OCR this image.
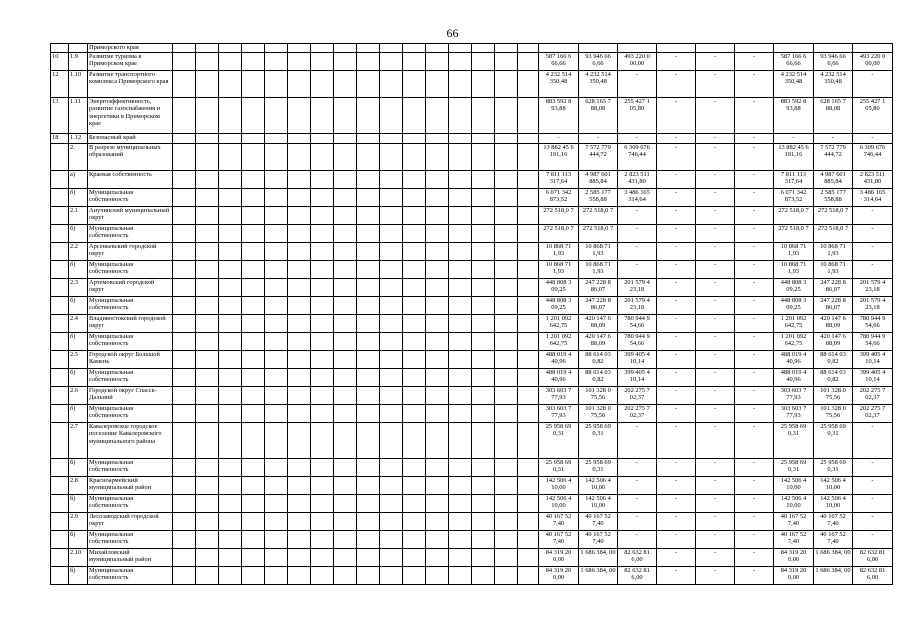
66
		Приморского края																									
10	1.9	Развитие туризма в Приморском крае																	587 166 6 66,66	93 946 66 6,66	493 220 0 00,00	-	-	-	587 166 6 66,66	93 946 66 6,66	493 220 0 00,00
12	1.10	Развитие транспортного комплекса Приморского края																	4 232 514 350,48	4 232 514 350,48	-	-	-	-	4 232 514 350,48	4 232 514 350,48	-
13	1.11	Энергоэффективность, развитие газоснабжения и энергетики в Приморском крае																	883 592 8 93,88	628 165 7 88,08	255 427 1 05,80	-	-	-	883 592 8 93,88	628 165 7 88,08	255 427 1 05,80
18	1.12	Безопасный край																	-	-	-	-	-	-	-	-	-
	2.	В разрезе муниципальных образований																	13 882 45 6 191,16	7 572 779 444,72	6 309 676 746,44	-	-	-	13 882 45 6 191,16	7 572 779 444,72	6 309 676 746,44
	а)	Краевая собственность																	7 811 113 317,64	4 987 601 885,84	2 823 511 431,80	-	-	-	7 811 113 317,64	4 987 601 885,84	2 823 511 431,80
	б)	Муниципальная собственность																	6 071 342 873,52	2 585 177 558,88	3 486 165 314,64	-	-	-	6 071 342 873,52	2 585 177 558,88	3 486 165 314,64
	2.1	Анучинский муниципальный округ																	272 518,0 7	272 518,0 7	-	-	-	-	272 518,0 7	272 518,0 7	-
	б)	Муниципальная собственность																	272 518,0 7	272 518,0 7	-	-	-	-	272 518,0 7	272 518,0 7	-
	2.2	Арсеньевский городской округ																	10 868 71 1,93	10 868 71 1,93	-	-	-	-	10 868 71 1,93	10 868 71 1,93	-
	б)	Муниципальная собственность																	10 868 71 1,93	10 868 71 1,93	-	-	-	-	10 868 71 1,93	10 868 71 1,93	-
	2.3	Артемовский городской округ																	448 808 3 09,25	247 228 8 86,07	201 579 4 23,18	-	-	-	448 808 3 09,25	247 228 8 86,07	201 579 4 23,18
	б)	Муниципальная собственность																	448 808 3 09,25	247 228 8 86,07	201 579 4 23,18	-	-	-	448 808 3 09,25	247 228 8 86,07	201 579 4 23,18
	2.4	Владивостокский городской округ																	1 201 092 642,75	420 147 6 88,09	780 944 9 54,66	-	-	-	1 201 092 642,75	420 147 6 88,09	780 944 9 54,66
	б)	Муниципальная собственность																	1 201 092 642,75	420 147 6 88,09	780 944 9 54,66	-	-	-	1 201 092 642,75	420 147 6 88,09	780 944 9 54,66
	2.5	Городской округ Большой Камень																	488 019 4 40,96	88 614 03 0,82	399 405 4 10,14	-	-	-	488 019 4 40,96	88 614 03 0,82	399 405 4 10,14
	б)	Муниципальная собственность																	488 019 4 40,96	88 614 03 0,82	399 405 4 10,14	-	-	-	488 019 4 40,96	88 614 03 0,82	399 405 4 10,14
	2.6	Городской округ Спасск-Дальний																	303 603 7 77,93	101 328 0 75,56	202 275 7 02,37	-	-	-	303 603 7 77,93	101 328 0 75,56	202 275 7 02,37
	б)	Муниципальная собственность																	303 603 7 77,93	101 328 0 75,56	202 275 7 02,37	-	-	-	303 603 7 77,93	101 328 0 75,56	202 275 7 02,37
	2.7	Кавалеровское городское поселение Кавалеровского муниципального района																	25 958 69 0,31	25 958 69 0,31	-	-	-	-	25 958 69 0,31	25 958 69 0,31	-
	б)	Муниципальная собственность																	25 958 69 0,31	25 958 69 0,31	-	-	-	-	25 958 69 0,31	25 958 69 0,31	-
	2.8	Красноармейский муниципальный район																	142 506 4 10,00	142 506 4 10,00	-	-	-	-	142 506 4 10,00	142 506 4 10,00	-
	б)	Муниципальная собственность																	142 506 4 10,00	142 506 4 10,00	-	-	-	-	142 506 4 10,00	142 506 4 10,00	-
	2.9	Лесозаводский городской округ																	40 167 52 7,40	40 167 52 7,40	-	-	-	-	40 167 52 7,40	40 167 52 7,40	-
	б)	Муниципальная собственность																	40 167 52 7,40	40 167 52 7,40	-	-	-	-	40 167 52 7,40	40 167 52 7,40	-
	2.10	Михайловский муниципальный район																	84 319 20 0,00	1 686 384, 00	82 632 81 6,00	-	-	-	84 319 20 0,00	1 686 384, 00	82 632 81 6,00
	б)	Муниципальная собственность																	84 319 20 0,00	1 686 384, 00	82 632 81 6,00	-	-	-	84 319 20 0,00	1 686 384, 00	82 632 81 6,00
